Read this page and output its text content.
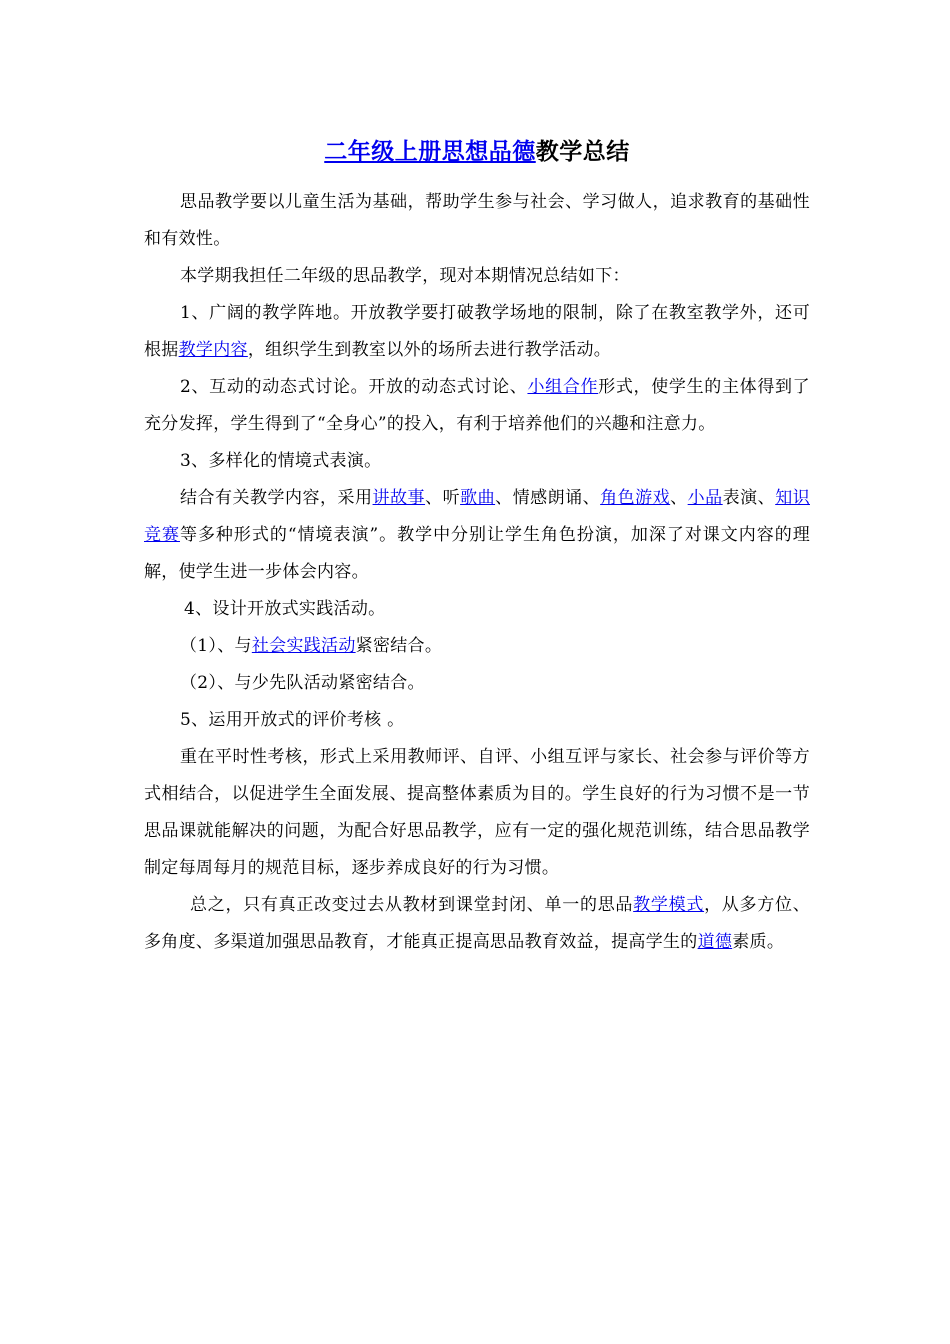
二年级上册思想品德教学总结

思品教学要以儿童生活为基础，帮助学生参与社会、学习做人，追求教育的基础性和有效性。

本学期我担任二年级的思品教学，现对本期情况总结如下：

1、广阔的教学阵地。开放教学要打破教学场地的限制，除了在教室教学外，还可根据教学内容，组织学生到教室以外的场所去进行教学活动。

2、互动的动态式讨论。开放的动态式讨论、小组合作形式，使学生的主体得到了充分发挥，学生得到了“全身心”的投入，有利于培养他们的兴趣和注意力。

3、多样化的情境式表演。

结合有关教学内容，采用讲故事、听歌曲、情感朗诵、角色游戏、小品表演、知识竞赛等多种形式的“情境表演”。教学中分别让学生角色扮演，加深了对课文内容的理解，使学生进一步体会内容。

4、设计开放式实践活动。

（1）、与社会实践活动紧密结合。

（2）、与少先队活动紧密结合。

5、运用开放式的评价考核 。

重在平时性考核，形式上采用教师评、自评、小组互评与家长、社会参与评价等方式相结合，以促进学生全面发展、提高整体素质为目的。学生良好的行为习惯不是一节思品课就能解决的问题，为配合好思品教学，应有一定的强化规范训练，结合思品教学制定每周每月的规范目标，逐步养成良好的行为习惯。

总之，只有真正改变过去从教材到课堂封闭、单一的思品教学模式，从多方位、多角度、多渠道加强思品教育，才能真正提高思品教育效益，提高学生的道德素质。
